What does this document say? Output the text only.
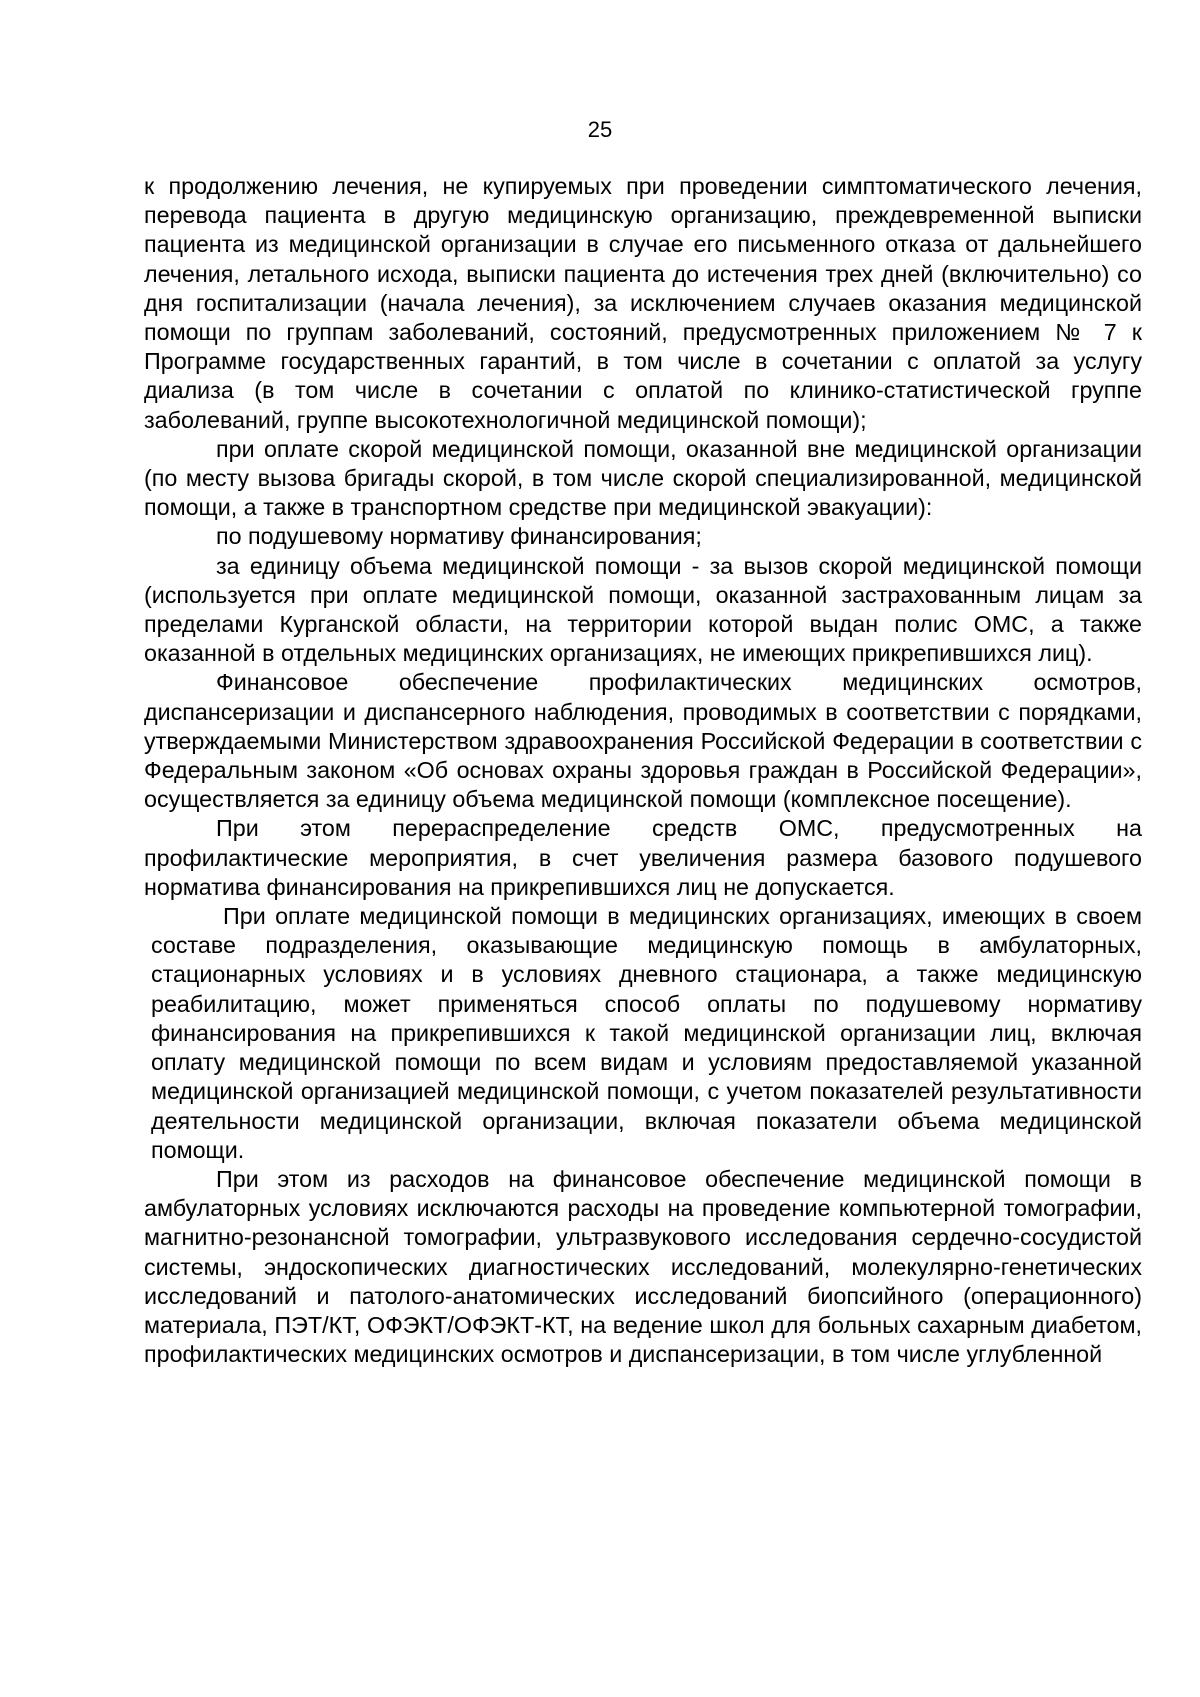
25

к продолжению лечения, не купируемых при проведении симптоматического лечения, перевода пациента в другую медицинскую организацию, преждевременной выписки пациента из медицинской организации в случае его письменного отказа от дальнейшего лечения, летального исхода, выписки пациента до истечения трех дней (включительно) со дня госпитализации (начала лечения), за исключением случаев оказания медицинской помощи по группам заболеваний, состояний, предусмотренных приложением № 7 к Программе государственных гарантий, в том числе в сочетании с оплатой за услугу диализа (в том числе в сочетании с оплатой по клинико-статистической группе заболеваний, группе высокотехнологичной медицинской помощи);

при оплате скорой медицинской помощи, оказанной вне медицинской организации (по месту вызова бригады скорой, в том числе скорой специализированной, медицинской помощи, а также в транспортном средстве при медицинской эвакуации):

по подушевому нормативу финансирования;

за единицу объема медицинской помощи - за вызов скорой медицинской помощи (используется при оплате медицинской помощи, оказанной застрахованным лицам за пределами Курганской области, на территории которой выдан полис ОМС, а также оказанной в отдельных медицинских организациях, не имеющих прикрепившихся лиц).

Финансовое обеспечение профилактических медицинских осмотров, диспансеризации и диспансерного наблюдения, проводимых в соответствии с порядками, утверждаемыми Министерством здравоохранения Российской Федерации в соответствии с Федеральным законом «Об основах охраны здоровья граждан в Российской Федерации», осуществляется за единицу объема медицинской помощи (комплексное посещение).

При этом перераспределение средств ОМС, предусмотренных на профилактические мероприятия, в счет увеличения размера базового подушевого норматива финансирования на прикрепившихся лиц не допускается.

При оплате медицинской помощи в медицинских организациях, имеющих в своем составе подразделения, оказывающие медицинскую помощь в амбулаторных, стационарных условиях и в условиях дневного стационара, а также медицинскую реабилитацию, может применяться способ оплаты по подушевому нормативу финансирования на прикрепившихся к такой медицинской организации лиц, включая оплату медицинской помощи по всем видам и условиям предоставляемой указанной медицинской организацией медицинской помощи, с учетом показателей результативности деятельности медицинской организации, включая показатели объема медицинской помощи.

При этом из расходов на финансовое обеспечение медицинской помощи в амбулаторных условиях исключаются расходы на проведение компьютерной томографии, магнитно-резонансной томографии, ультразвукового исследования сердечно-сосудистой системы, эндоскопических диагностических исследований, молекулярно-генетических исследований и патолого-анатомических исследований биопсийного (операционного) материала, ПЭТ/КТ, ОФЭКТ/ОФЭКТ-КТ, на ведение школ для больных сахарным диабетом, профилактических медицинских осмотров и диспансеризации, в том числе углубленной
